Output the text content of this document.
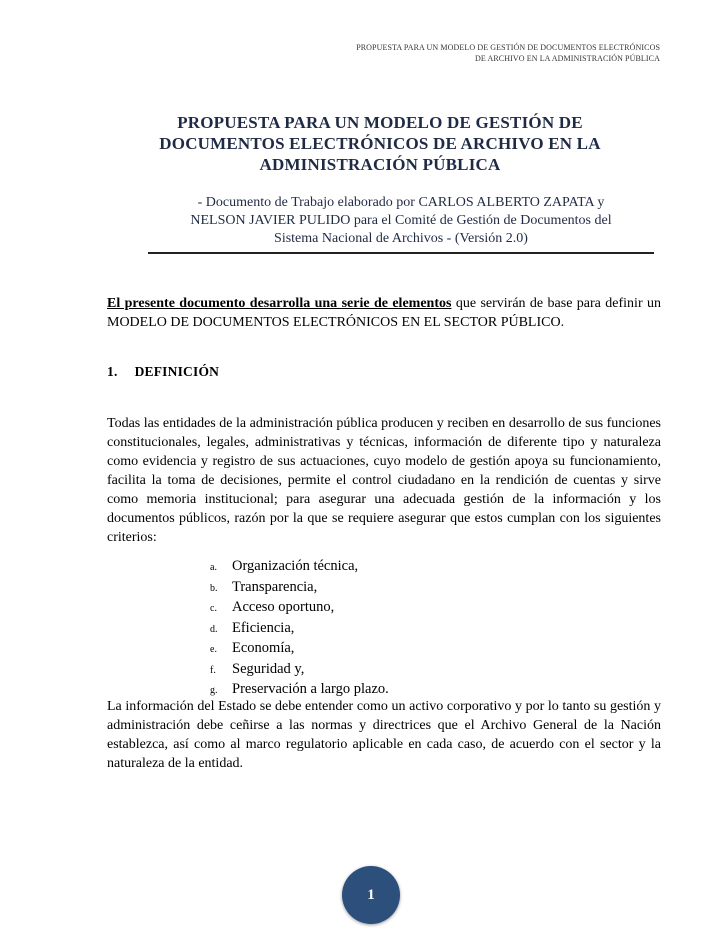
PROPUESTA PARA UN MODELO DE GESTIÓN DE DOCUMENTOS ELECTRÓNICOS
DE ARCHIVO EN LA ADMINISTRACIÓN PÚBLICA
PROPUESTA PARA UN MODELO DE GESTIÓN DE
DOCUMENTOS ELECTRÓNICOS DE ARCHIVO EN LA
ADMINISTRACIÓN PÚBLICA
- Documento de Trabajo elaborado por CARLOS ALBERTO ZAPATA y
NELSON JAVIER PULIDO para el Comité de Gestión de Documentos del
Sistema Nacional de Archivos - (Versión 2.0)
El presente documento desarrolla una serie de elementos que servirán de base para definir un MODELO DE DOCUMENTOS ELECTRÓNICOS EN EL SECTOR PÚBLICO.
1. DEFINICIÓN
Todas las entidades de la administración pública producen y reciben en desarrollo de sus funciones constitucionales, legales, administrativas y técnicas, información de diferente tipo y naturaleza como evidencia y registro de sus actuaciones, cuyo modelo de gestión apoya su funcionamiento, facilita la toma de decisiones, permite el control ciudadano en la rendición de cuentas y sirve como memoria institucional; para asegurar una adecuada gestión de la información y los documentos públicos, razón por la que se requiere asegurar que estos cumplan con los siguientes criterios:
a.	Organización técnica,
b.	Transparencia,
c.	Acceso oportuno,
d.	Eficiencia,
e.	Economía,
f.	Seguridad y,
g.	Preservación a largo plazo.
La información del Estado se debe entender como un activo corporativo y por lo tanto su gestión y administración debe ceñirse a las normas y directrices que el Archivo General de la Nación establezca, así como al marco regulatorio aplicable en cada caso, de acuerdo con el sector y la naturaleza de la entidad.
1
